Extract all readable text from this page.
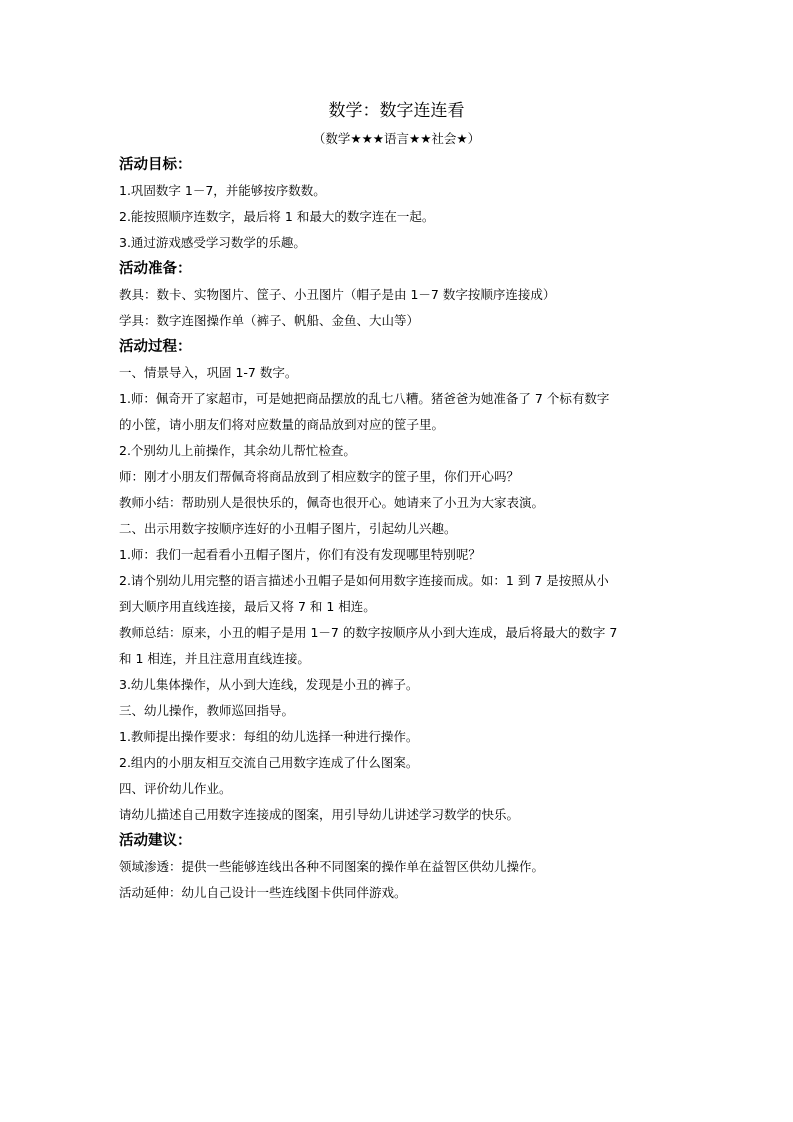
数学：数字连连看
（数学★★★语言★★社会★）
活动目标：
1.巩固数字 1－7，并能够按序数数。
2.能按照顺序连数字，最后将 1 和最大的数字连在一起。
3.通过游戏感受学习数学的乐趣。
活动准备：
教具：数卡、实物图片、筐子、小丑图片（帽子是由 1－7 数字按顺序连接成）
学具：数字连图操作单（裤子、帆船、金鱼、大山等）
活动过程：
一、情景导入，巩固 1-7 数字。
1.师：佩奇开了家超市，可是她把商品摆放的乱七八糟。猪爸爸为她准备了 7 个标有数字
的小筐，请小朋友们将对应数量的商品放到对应的筐子里。
2.个别幼儿上前操作，其余幼儿帮忙检查。
师：刚才小朋友们帮佩奇将商品放到了相应数字的筐子里，你们开心吗？
教师小结：帮助别人是很快乐的，佩奇也很开心。她请来了小丑为大家表演。
二、出示用数字按顺序连好的小丑帽子图片，引起幼儿兴趣。
1.师：我们一起看看小丑帽子图片，你们有没有发现哪里特别呢？
2.请个别幼儿用完整的语言描述小丑帽子是如何用数字连接而成。如：1 到 7 是按照从小
到大顺序用直线连接，最后又将 7 和 1 相连。
教师总结：原来，小丑的帽子是用 1－7 的数字按顺序从小到大连成，最后将最大的数字 7
和 1 相连，并且注意用直线连接。
3.幼儿集体操作，从小到大连线，发现是小丑的裤子。
三、幼儿操作，教师巡回指导。
1.教师提出操作要求：每组的幼儿选择一种进行操作。
2.组内的小朋友相互交流自己用数字连成了什么图案。
四、评价幼儿作业。
请幼儿描述自己用数字连接成的图案，用引导幼儿讲述学习数学的快乐。
活动建议：
领域渗透：提供一些能够连线出各种不同图案的操作单在益智区供幼儿操作。
活动延伸：幼儿自己设计一些连线图卡供同伴游戏。
